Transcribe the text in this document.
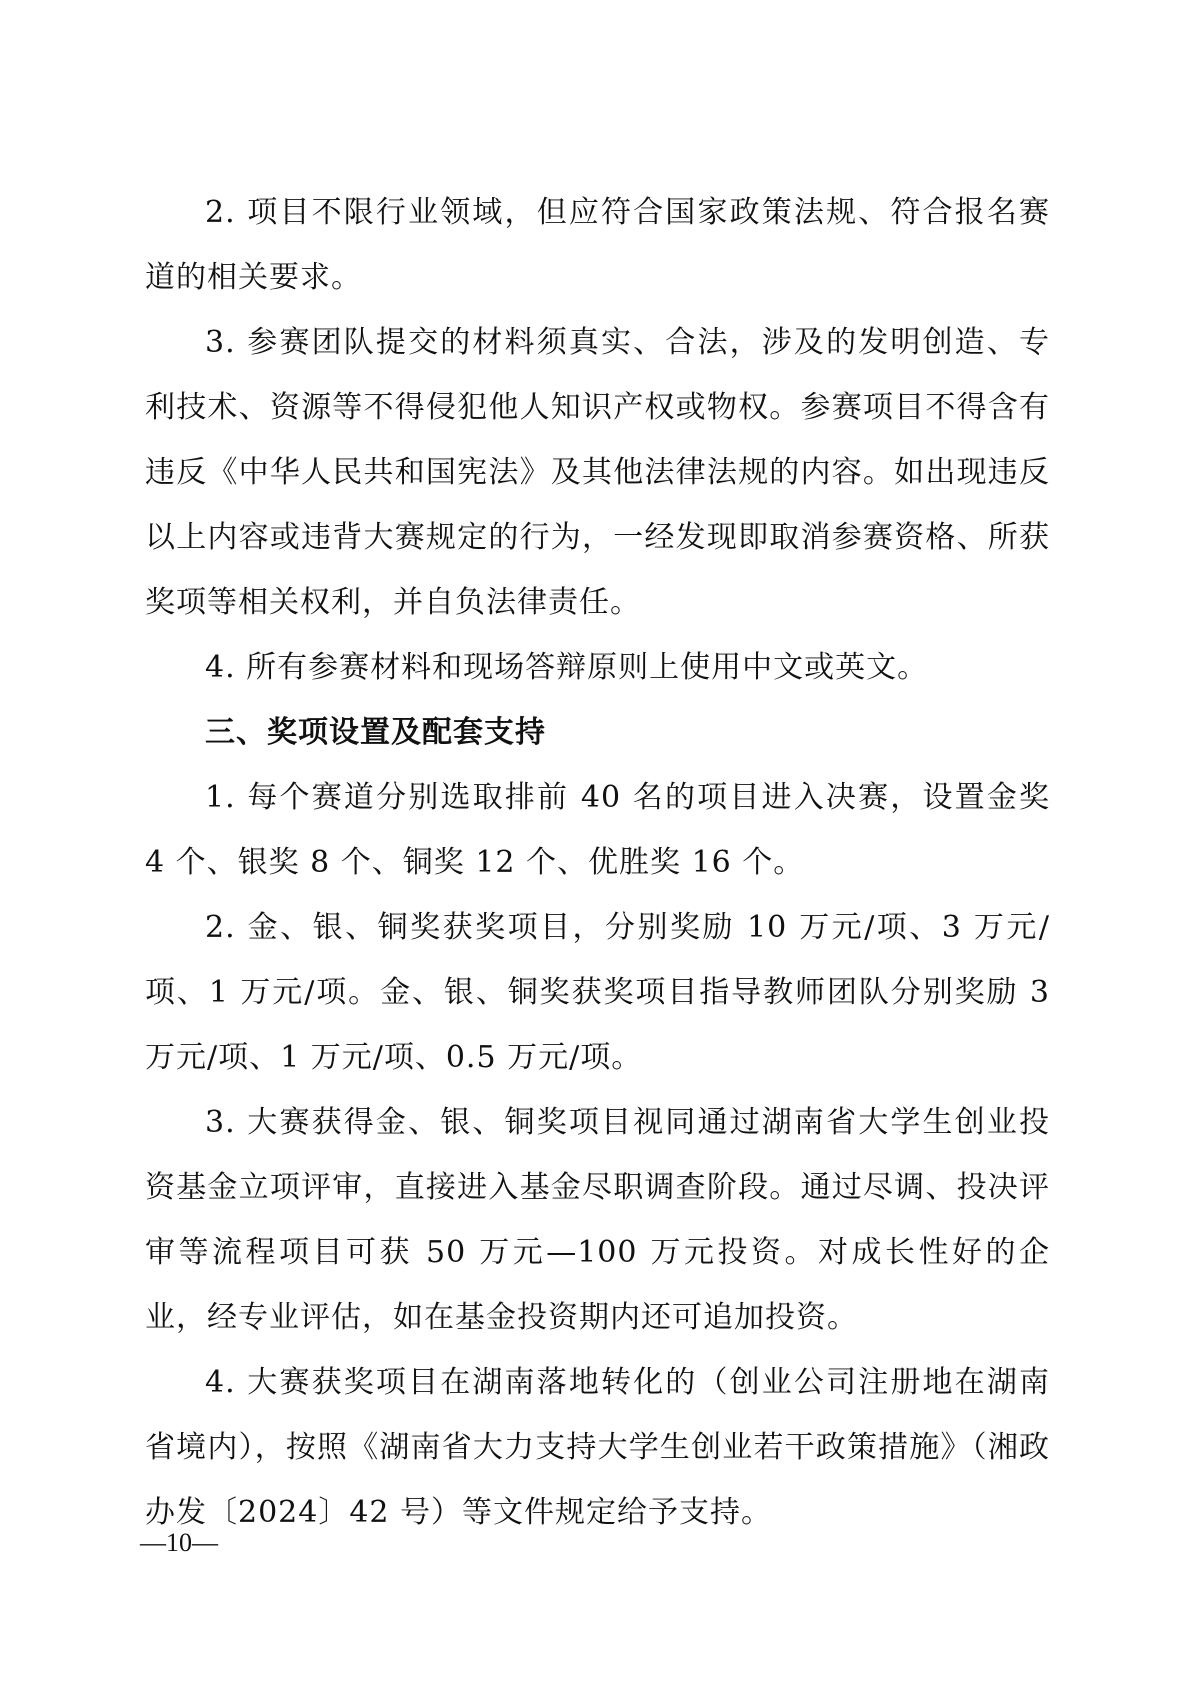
2. 项目不限行业领域，但应符合国家政策法规、符合报名赛道的相关要求。

3. 参赛团队提交的材料须真实、合法，涉及的发明创造、专利技术、资源等不得侵犯他人知识产权或物权。参赛项目不得含有违反《中华人民共和国宪法》及其他法律法规的内容。如出现违反以上内容或违背大赛规定的行为，一经发现即取消参赛资格、所获奖项等相关权利，并自负法律责任。

4. 所有参赛材料和现场答辩原则上使用中文或英文。

三、奖项设置及配套支持

1. 每个赛道分别选取排前 40 名的项目进入决赛，设置金奖 4 个、银奖 8 个、铜奖 12 个、优胜奖 16 个。

2. 金、银、铜奖获奖项目，分别奖励 10 万元/项、3 万元/项、1 万元/项。金、银、铜奖获奖项目指导教师团队分别奖励 3 万元/项、1 万元/项、0.5 万元/项。

3. 大赛获得金、银、铜奖项目视同通过湖南省大学生创业投资基金立项评审，直接进入基金尽职调查阶段。通过尽调、投决评审等流程项目可获 50 万元—100 万元投资。对成长性好的企业，经专业评估，如在基金投资期内还可追加投资。

4. 大赛获奖项目在湖南落地转化的（创业公司注册地在湖南省境内），按照《湖南省大力支持大学生创业若干政策措施》（湘政办发〔2024〕42 号）等文件规定给予支持。

—10—
